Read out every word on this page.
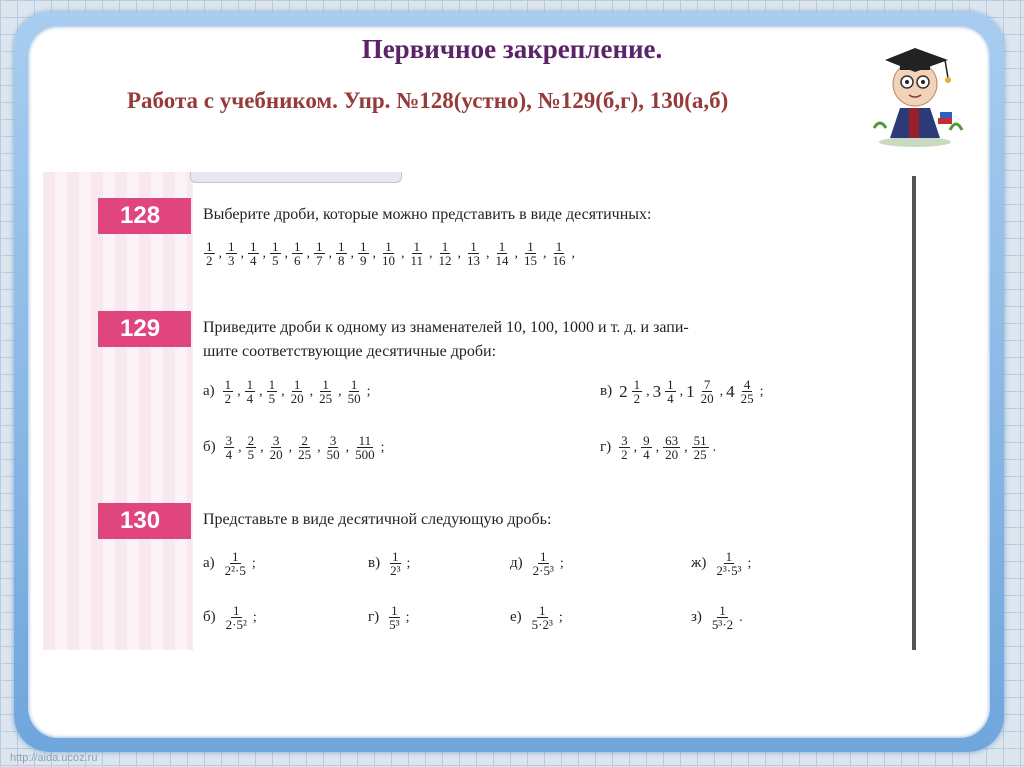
Первичное закрепление.
Работа с учебником. Упр. №128(устно), №129(б,г), 130(а,б)
128	Выберите дроби, которые можно представить в виде десятичных:
$\frac{1}{2}$ , $\frac{1}{3}$ , $\frac{1}{4}$ , $\frac{1}{5}$ , $\frac{1}{6}$ , $\frac{1}{7}$ , $\frac{1}{8}$ , $\frac{1}{9}$ , $\frac{1}{10}$ , $\frac{1}{11}$ , $\frac{1}{12}$ , $\frac{1}{13}$ , $\frac{1}{14}$ , $\frac{1}{15}$ , $\frac{1}{16}$ ,
129	Приведите дроби к одному из знаменателей 10, 100, 1000 и т. д. и запи-
шите соответствующие десятичные дроби:
$а) \frac{1}{2}$ , $\frac{1}{4}$ , $\frac{1}{5}$ , $\frac{1}{20}$ , $\frac{1}{25}$ , $\frac{1}{50}$ ;
$б) \frac{3}{4}$ , $\frac{2}{5}$ , $\frac{3}{20}$ , $\frac{2}{25}$ , $\frac{3}{50}$ , $\frac{11}{500}$ ;
в) $2 \frac{1}{2}$ , $3 \frac{1}{4}$ , $1 \frac{7}{20}$ , $4 \frac{4}{25}$ ;
$г) \frac{3}{2}$ , $\frac{9}{4}$ , $\frac{63}{20}$ , $\frac{51}{25}$ .
130	Представьте в виде десятичной следующую дробь:
$а) \frac{1}{\text{2²·5}}$ ;	$в) \frac{1}{\text{2³}}$ ;	$д) \frac{1}{\text{2·5³}}$ ;	$ж) \frac{1}{\text{2³·5³}}$ ;
$б) \frac{1}{\text{2·5²}}$ ;	$г) \frac{1}{\text{5³}}$ ;	$е) \frac{1}{\text{5·2³}}$ ;	$з) \frac{1}{\text{5³·2}}$ .
http://aida.ucoz.ru
